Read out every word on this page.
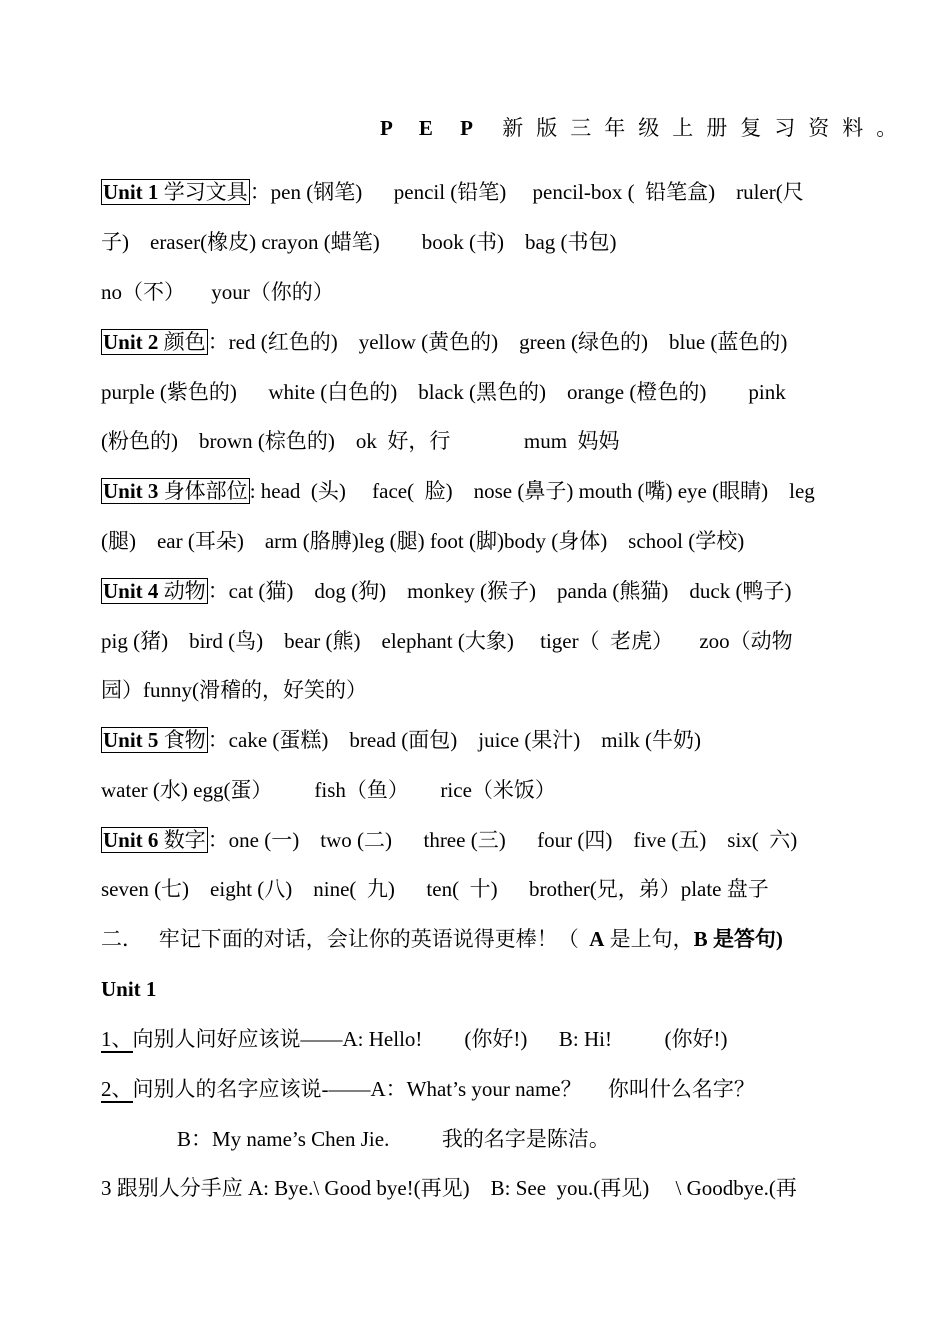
P E P 新版三年级上册复习资料。
Unit 1 学习文具：pen (钢笔)      pencil (铅笔)     pencil-box (  铅笔盒)    ruler(尺
子)    eraser(橡皮) crayon (蜡笔)        book (书)    bag (书包)
no（不）     your（你的）
Unit 2 颜色：red (红色的)    yellow (黄色的)    green (绿色的)    blue (蓝色的)
purple (紫色的)      white (白色的)    black (黑色的)    orange (橙色的)        pink
(粉色的)    brown (棕色的)    ok  好，行              mum  妈妈
Unit 3 身体部位: head  (头)     face(  脸)    nose (鼻子) mouth (嘴) eye (眼睛)    leg
(腿)    ear (耳朵)    arm (胳膊)leg (腿) foot (脚)body (身体)    school (学校)
Unit 4 动物：cat (猫)    dog (狗)    monkey (猴子)    panda (熊猫)    duck (鸭子)
pig (猪)    bird (鸟)    bear (熊)    elephant (大象)     tiger（  老虎）     zoo（动物
园）funny(滑稽的，好笑的）
Unit 5 食物：cake (蛋糕)    bread (面包)    juice (果汁)    milk (牛奶)
water (水) egg(蛋）        fish（鱼）      rice（米饭）
Unit 6 数字：one (一)    two (二)      three (三)      four (四)    five (五)    six(  六)
seven (七)    eight (八)    nine(  九)      ten(  十)      brother(兄，弟）plate 盘子
二．   牢记下面的对话，会让你的英语说得更棒！（  A 是上句，B 是答句)
Unit 1
1、向别人问好应该说——A: Hello!        (你好!)      B: Hi!          (你好!)
2、问别人的名字应该说-——A：What’s your name？     你叫什么名字？
B：My name’s Chen Jie.          我的名字是陈洁。
3 跟别人分手应 A: Bye.\ Good bye!(再见)    B: See  you.(再见)     \ Goodbye.(再
